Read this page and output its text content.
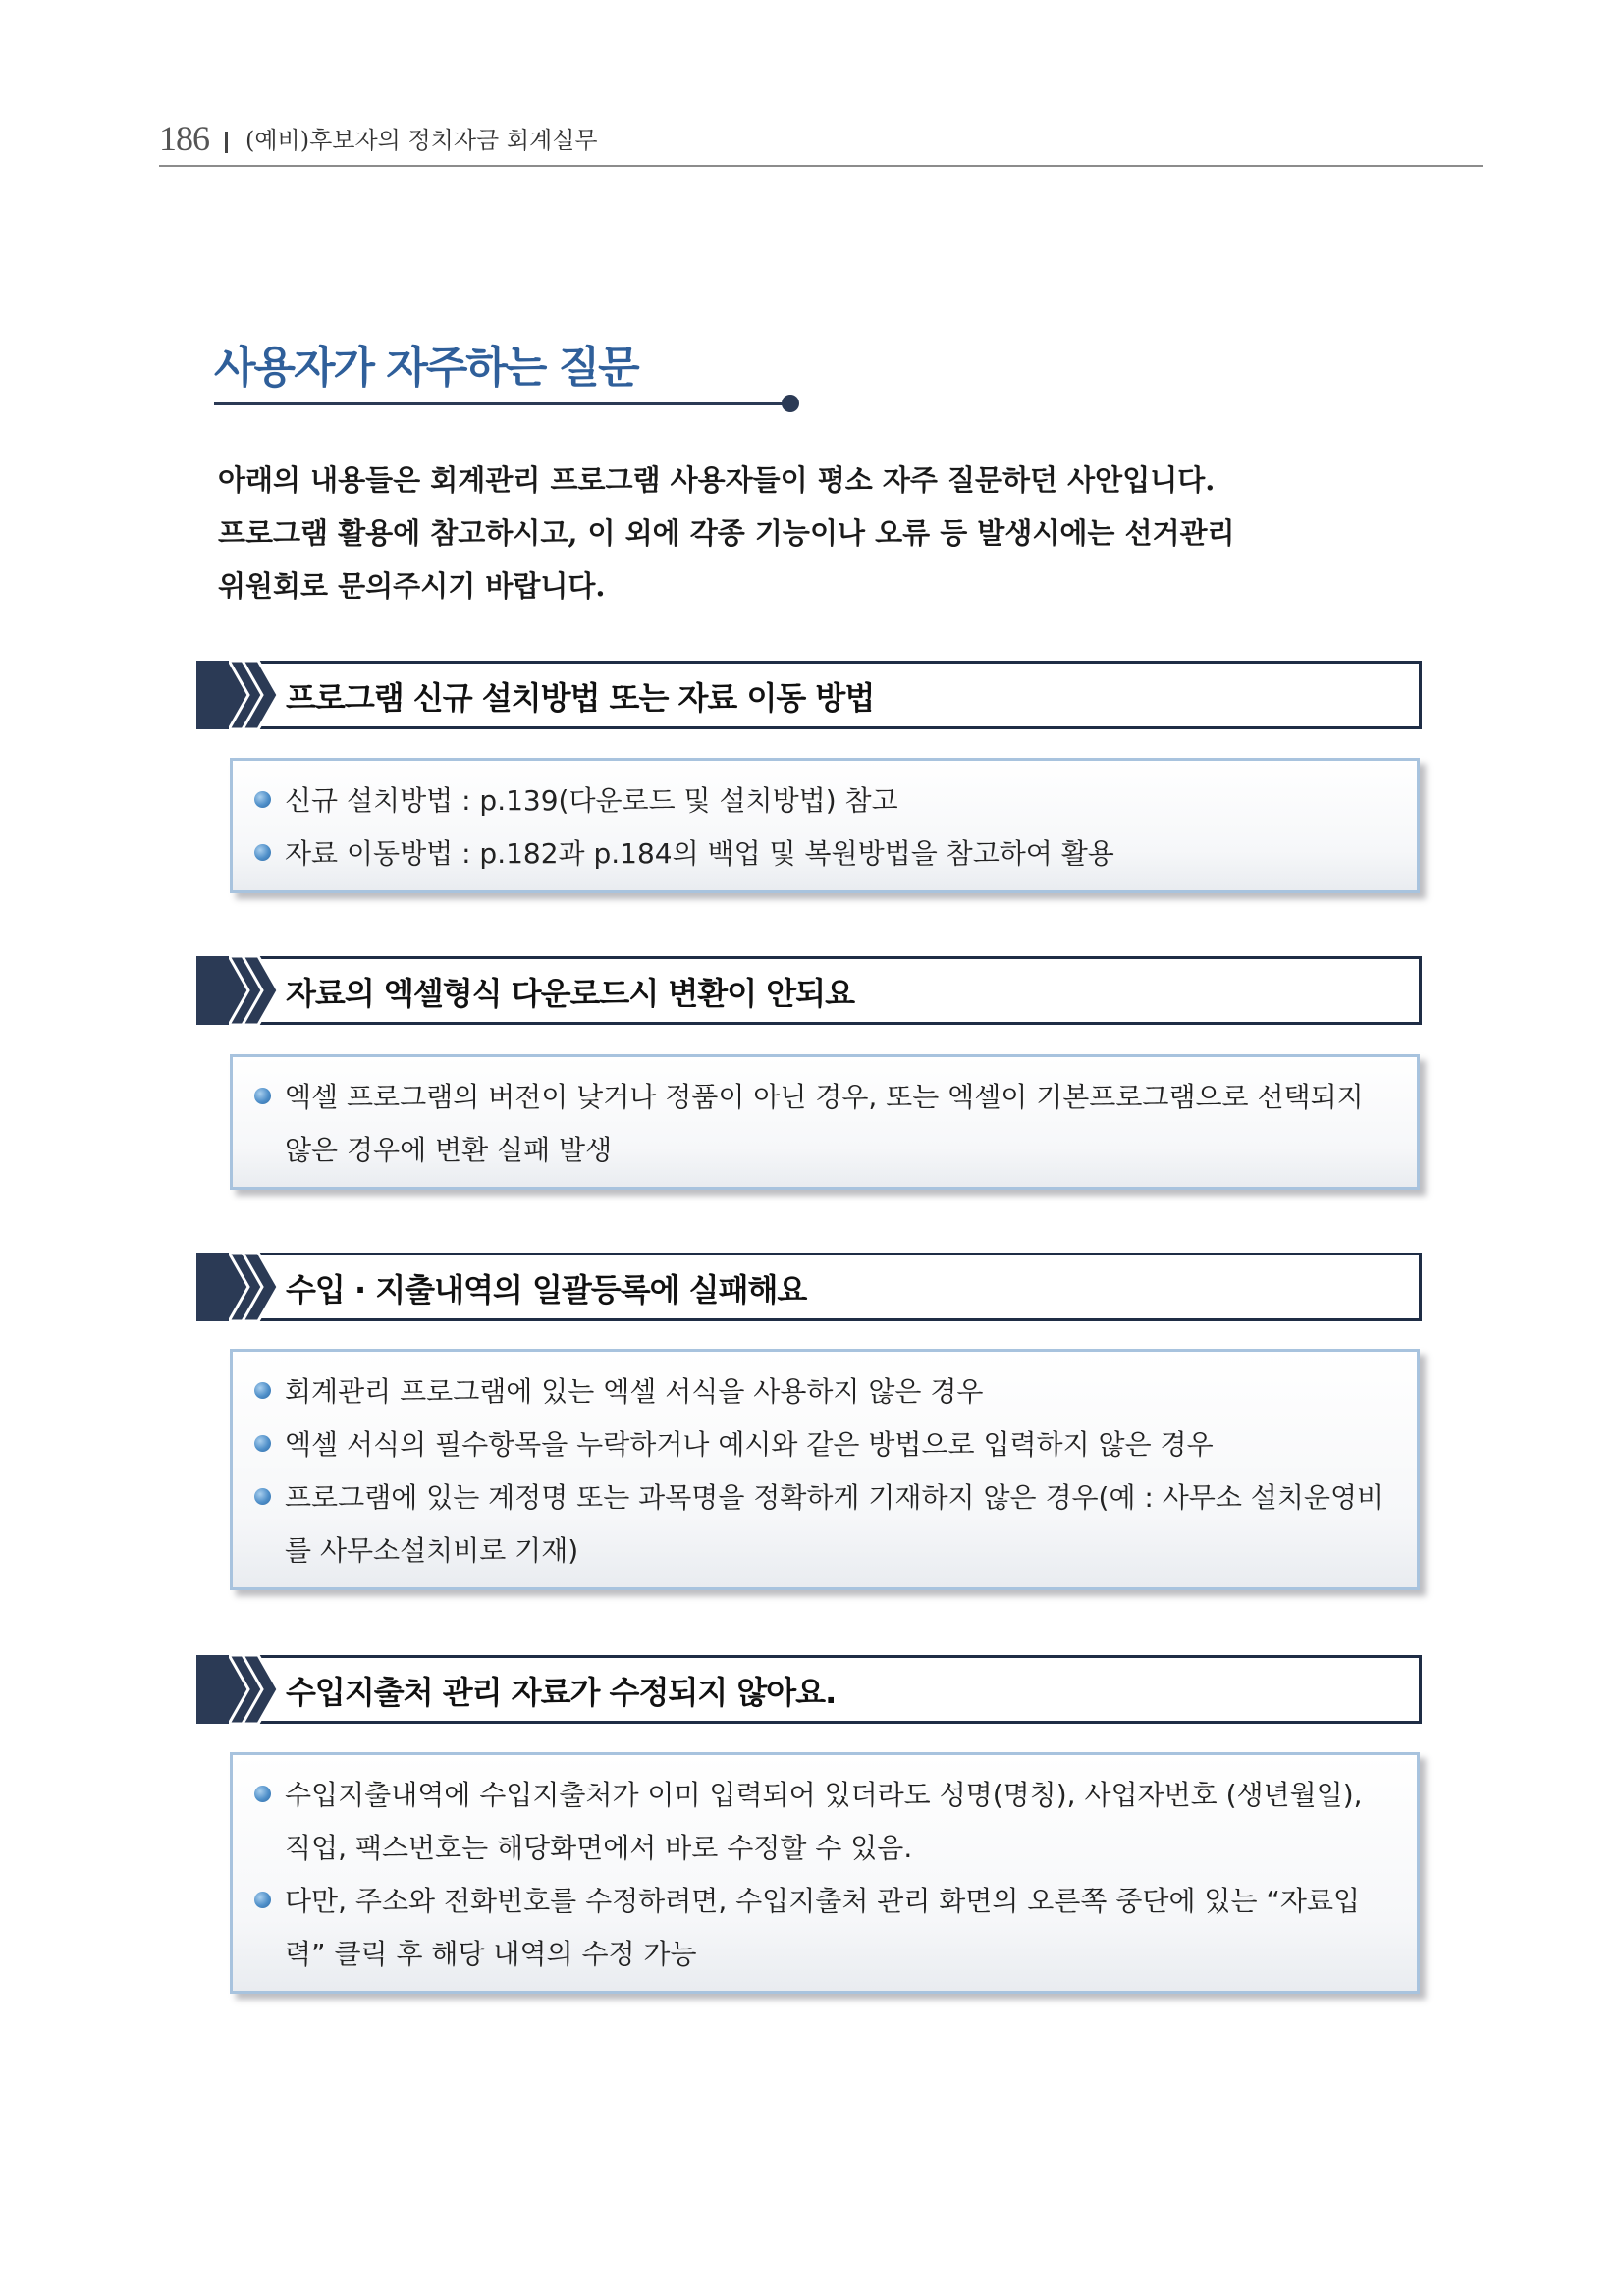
186 (예비)후보자의 정치자금 회계실무
사용자가 자주하는 질문

아래의 내용들은 회계관리 프로그램 사용자들이 평소 자주 질문하던 사안입니다.

프로그램 활용에 참고하시고, 이 외에 각종 기능이나 오류 등 발생시에는 선거관리

위원회로 문의주시기 바랍니다.

프로그램 신규 설치방법 또는 자료 이동 방법
신규 설치방법 : p.139(다운로드 및 설치방법) 참고
자료 이동방법 : p.182과 p.184의 백업 및 복원방법을 참고하여 활용
자료의 엑셀형식 다운로드시 변환이 안되요
엑셀 프로그램의 버전이 낮거나 정품이 아닌 경우, 또는 엑셀이 기본프로그램으로 선택되지 않은 경우에 변환 실패 발생
수입 · 지출내역의 일괄등록에 실패해요
회계관리 프로그램에 있는 엑셀 서식을 사용하지 않은 경우
엑셀 서식의 필수항목을 누락하거나 예시와 같은 방법으로 입력하지 않은 경우
프로그램에 있는 계정명 또는 과목명을 정확하게 기재하지 않은 경우(예 : 사무소 설치운영비를 사무소설치비로 기재)
수입지출처 관리 자료가 수정되지 않아요.
수입지출내역에 수입지출처가 이미 입력되어 있더라도 성명(명칭), 사업자번호 (생년월일), 직업, 팩스번호는 해당화면에서 바로 수정할 수 있음.
다만, 주소와 전화번호를 수정하려면, 수입지출처 관리 화면의 오른쪽 중단에 있는 “자료입력” 클릭 후 해당 내역의 수정 가능
